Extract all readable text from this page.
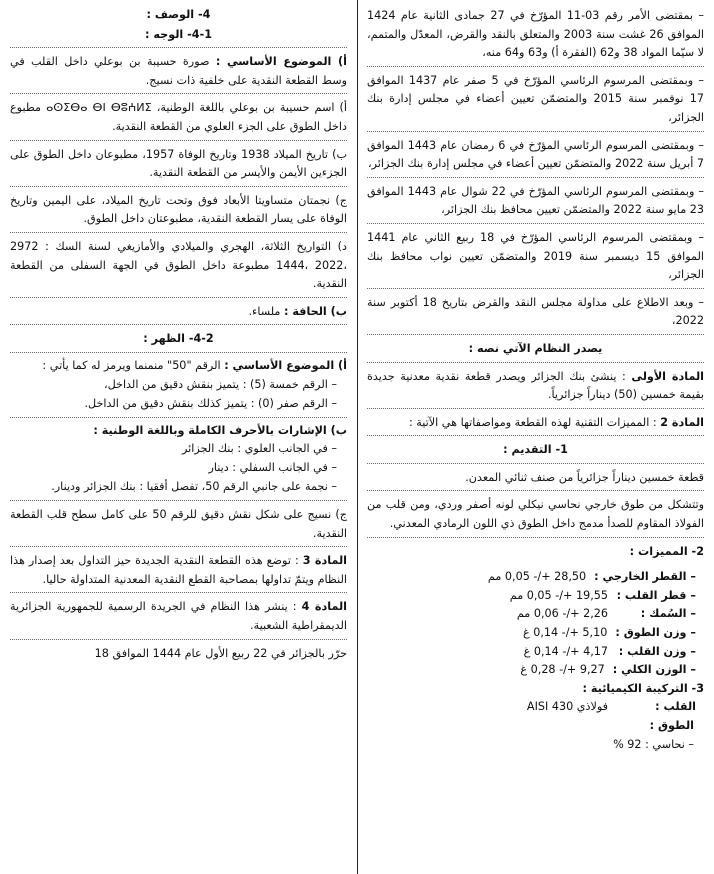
– بمقتضى الأمر رقم 03-11 المؤرّخ في 27 جمادى الثانية عام 1424 الموافق 26 غشت سنة 2003 والمتعلق بالنقد والقرض، المعدّل والمتمم، لا سيّما المواد 38 و62 (الفقرة أ) و63 و64 منه،
– وبمقتضى المرسوم الرئاسي المؤرّخ في 5 صفر عام 1437 الموافق 17 نوفمبر سنة 2015 والمتضمّن تعيين أعضاء في مجلس إدارة بنك الجزائر،
– وبمقتضى المرسوم الرئاسي المؤرّخ في 6 رمضان عام 1443 الموافق 7 أبريل سنة 2022 والمتضمّن تعيين أعضاء في مجلس إدارة بنك الجزائر،
– وبمقتضى المرسوم الرئاسي المؤرّخ في 22 شوال عام 1443 الموافق 23 مايو سنة 2022 والمتضمّن تعيين محافظ بنك الجزائر،
– وبمقتضى المرسوم الرئاسي المؤرّخ في 18 ربيع الثاني عام 1441 الموافق 15 ديسمبر سنة 2019 والمتضمّن تعيين نواب محافظ بنك الجزائر،
– وبعد الاطلاع على مداولة مجلس النقد والقرض بتاريخ 18 أكتوبر سنة 2022،
يصدر النظام الآتي نصه :
المادة الأولى : ينشئ بنك الجزائر ويصدر قطعة نقدية معدنية جديدة بقيمة خمسين (50) ديناراً جزائرياً.
المادة 2 : المميزات التقنية لهذه القطعة ومواصفاتها هي الآتية :
1- التقديم :
قطعة خمسين ديناراً جزائرياً من صنف ثنائي المعدن.
وتتشكل من طوق خارجي نحاسي نيكلي لونه أصفر وردي، ومن قلب من الفولاذ المقاوم للصدأ مدمج داخل الطوق ذي اللون الرمادي المعدني.
2- المميزات :
– القطر الخارجي :
28,50 +/- 0,05 مم
– قطر القلب :
19,55 +/- 0,05 مم
– السُمك :
2,26 +/- 0,06 مم
– وزن الطوق :
5,10 +/- 0,14 غ
– وزن القلب :
4,17 +/- 0,14 غ
– الوزن الكلي :
9,27 +/- 0,28 غ
3- التركيبة الكيميائية :
القلب :
فولاذي AISI 430
الطوق :
– نحاسي : 92 %
4- الوصف :
4-1- الوجه :
أ) الموضوع الأساسي : صورة حسيبة بن بوعلي داخل القلب في وسط القطعة النقدية على خلفية ذات نسيج.
أ) اسم حسيبة بن بوعلي باللغة الوطنية، ⴰⵙⵉⴱⴰ ⴱⵏ ⴱⵓⵄⵍⵉ مطبوع داخل الطوق على الجزء العلوي من القطعة النقدية.
ب) تاريخ الميلاد 1938 وتاريخ الوفاة 1957، مطبوعان داخل الطوق على الجزءين الأيمن والأيسر من القطعة النقدية.
ج) نجمتان متساويتا الأبعاد فوق وتحت تاريخ الميلاد، على اليمين وتاريخ الوفاة على يسار القطعة النقدية، مطبوعتان داخل الطوق.
د) التواريخ الثلاثة، الهجري والميلادي والأمازيغي لسنة السك : 2972 ،2022 ،1444 مطبوعة داخل الطوق في الجهة السفلى من القطعة النقدية.
ب) الحافة : ملساء.
4-2- الظهر :
أ) الموضوع الأساسي : الرقم "50" منمنما ويرمز له كما يأتي :
– الرقم خمسة (5) : يتميز بنقش دقيق من الداخل،
– الرقم صفر (0) : يتميز كذلك بنقش دقيق من الداخل.
ب) الإشارات بالأحرف الكاملة وباللغة الوطنية :
– في الجانب العلوي : بنك الجزائر
– في الجانب السفلي : دينار
– نجمة على جانبي الرقم 50، تفصل أفقيا : بنك الجزائر ودينار.
ج) نسيج على شكل نقش دقيق للرقم 50 على كامل سطح قلب القطعة النقدية.
المادة 3 : توضع هذه القطعة النقدية الجديدة حيز التداول بعد إصدار هذا النظام ويتمّ تداولها بمصاحبة القطع النقدية المعدنية المتداولة حاليا.
المادة 4 : ينشر هذا النظام في الجريدة الرسمية للجمهورية الجزائرية الديمقراطية الشعبية.
حرّر بالجزائر في 22 ربيع الأول عام 1444 الموافق 18
